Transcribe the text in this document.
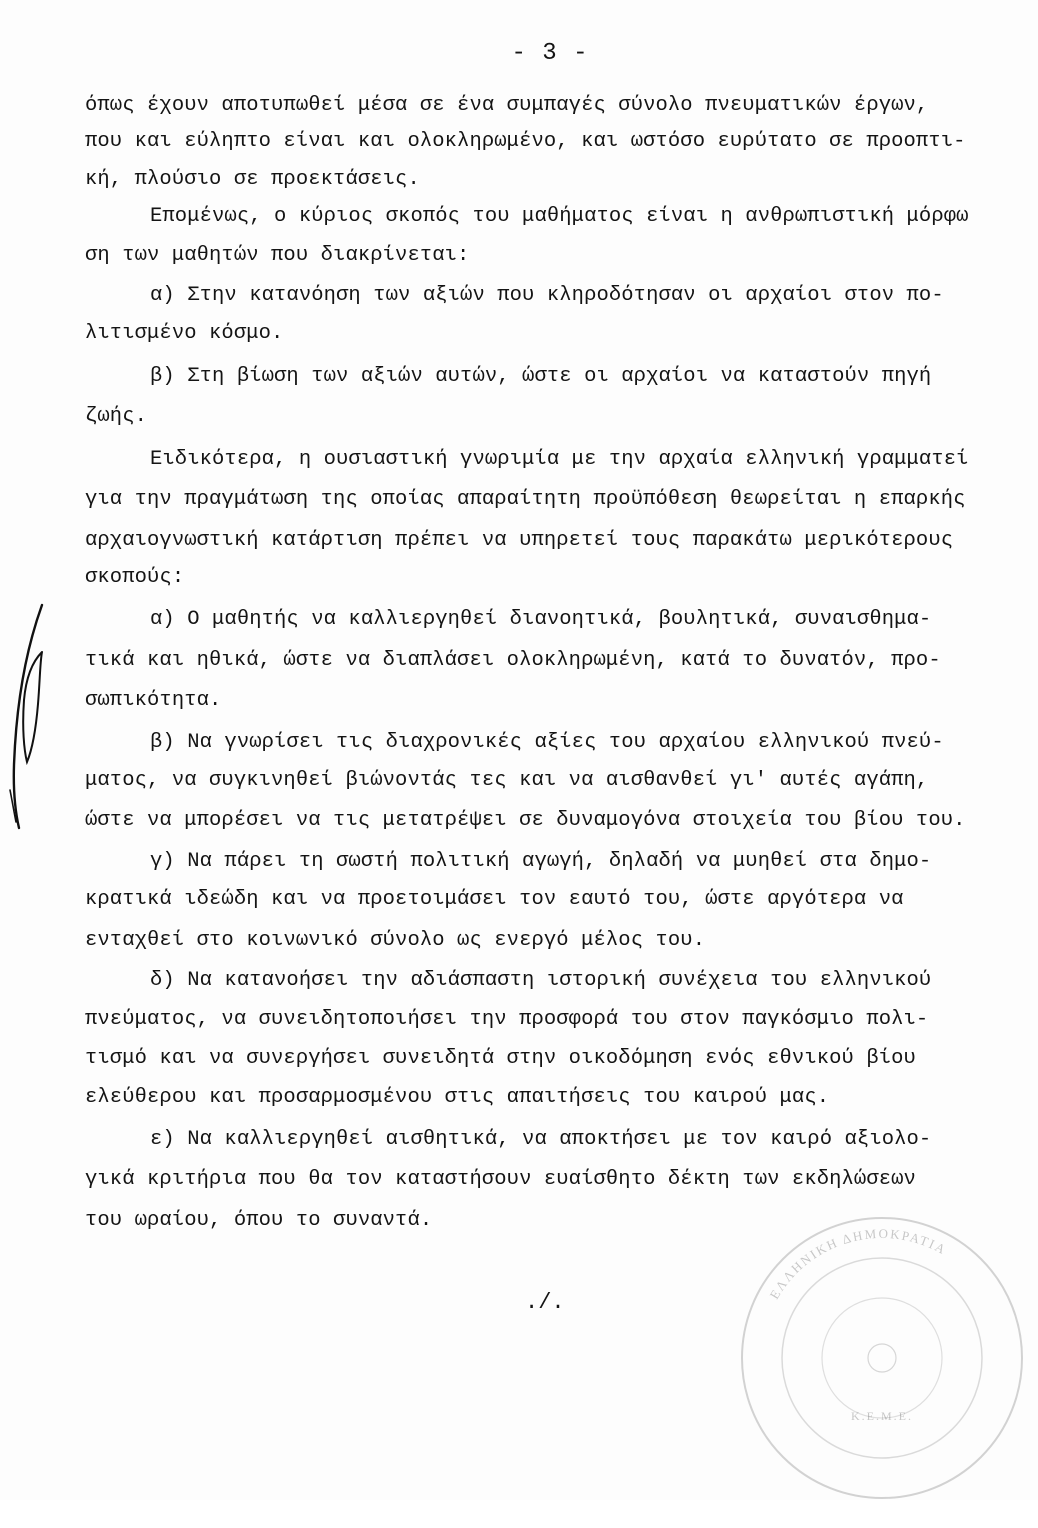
- 3 -
όπως έχουν αποτυπωθεί μέσα σε ένα συμπαγές σύνολο πνευματικών έργων,
που και εύληπτο είναι και ολοκληρωμένο, και ωστόσο ευρύτατο σε προοπτι-
κή, πλούσιο σε προεκτάσεις.
Επομένως, ο κύριος σκοπός του μαθήματος είναι η ανθρωπιστική μόρφω
ση των μαθητών που διακρίνεται:
α) Στην κατανόηση των αξιών που κληροδότησαν οι αρχαίοι στον πο-
λιτισμένο κόσμο.
β) Στη βίωση των αξιών αυτών, ώστε οι αρχαίοι να καταστούν πηγή
ζωής.
Ειδικότερα, η ουσιαστική γνωριμία με την αρχαία ελληνική γραμματεί
για την πραγμάτωση της οποίας απαραίτητη προϋπόθεση θεωρείται η επαρκής
αρχαιογνωστική κατάρτιση πρέπει να υπηρετεί τους παρακάτω μερικότερους
σκοπούς:
α) Ο μαθητής να καλλιεργηθεί διανοητικά, βουλητικά, συναισθημα-
τικά και ηθικά, ώστε να διαπλάσει ολοκληρωμένη, κατά το δυνατόν, προ-
σωπικότητα.
β) Να γνωρίσει τις διαχρονικές αξίες του αρχαίου ελληνικού πνεύ-
ματος, να συγκινηθεί βιώνοντάς τες και να αισθανθεί γι' αυτές αγάπη,
ώστε να μπορέσει να τις μετατρέψει σε δυναμογόνα στοιχεία του βίου του.
γ) Να πάρει τη σωστή πολιτική αγωγή, δηλαδή να μυηθεί στα δημο-
κρατικά ιδεώδη και να προετοιμάσει τον εαυτό του, ώστε αργότερα να
ενταχθεί στο κοινωνικό σύνολο ως ενεργό μέλος του.
δ) Να κατανοήσει την αδιάσπαστη ιστορική συνέχεια του ελληνικού
πνεύματος, να συνειδητοποιήσει την προσφορά του στον παγκόσμιο πολι-
τισμό και να συνεργήσει συνειδητά στην οικοδόμηση ενός εθνικού βίου
ελεύθερου και προσαρμοσμένου στις απαιτήσεις του καιρού μας.
ε) Να καλλιεργηθεί αισθητικά, να αποκτήσει με τον καιρό αξιολο-
γικά κριτήρια που θα τον καταστήσουν ευαίσθητο δέκτη των εκδηλώσεων
του ωραίου, όπου το συναντά.
./.	ΕΛΛΗΝΙΚΗ ΔΗΜΟΚΡΑΤΙΑ
Κ.Ε.Μ.Ε.
